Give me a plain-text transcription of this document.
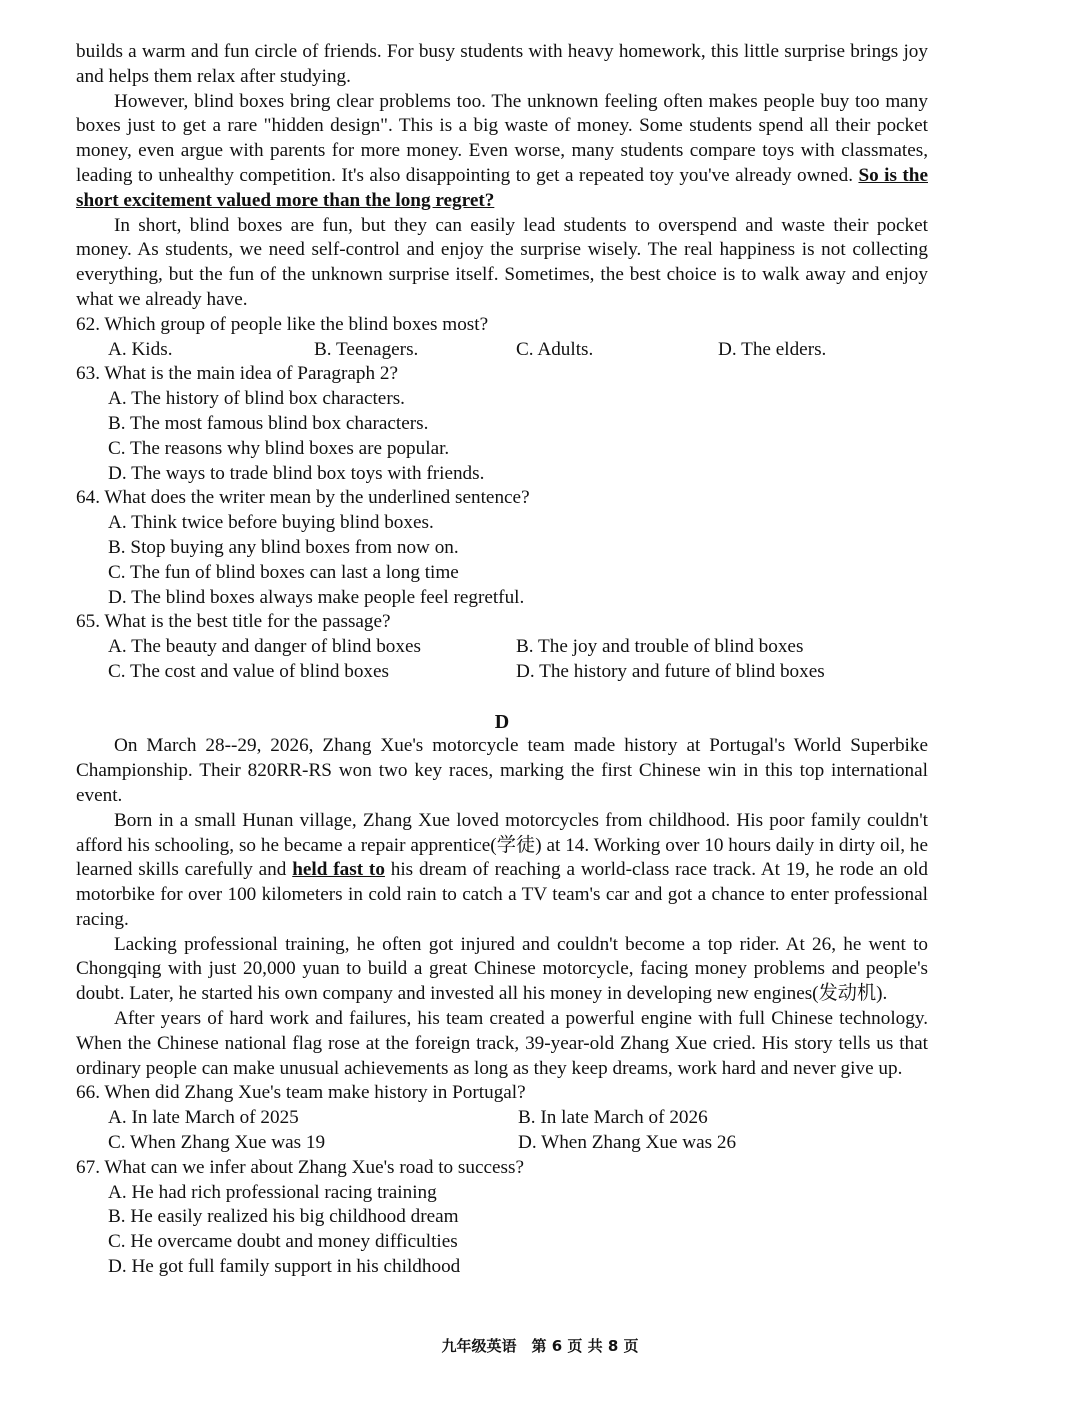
builds a warm and fun circle of friends. For busy students with heavy homework, this little surprise brings joy and helps them relax after studying.

However, blind boxes bring clear problems too. The unknown feeling often makes people buy too many boxes just to get a rare "hidden design". This is a big waste of money. Some students spend all their pocket money, even argue with parents for more money. Even worse, many students compare toys with classmates, leading to unhealthy competition. It's also disappointing to get a repeated toy you've already owned. So is the short excitement valued more than the long regret?

In short, blind boxes are fun, but they can easily lead students to overspend and waste their pocket money. As students, we need self-control and enjoy the surprise wisely. The real happiness is not collecting everything, but the fun of the unknown surprise itself. Sometimes, the best choice is to walk away and enjoy what we already have.

62. Which group of people like the blind boxes most?
A. Kids.	B. Teenagers.	C. Adults.	D. The elders.
63. What is the main idea of Paragraph 2?
A. The history of blind box characters.
B. The most famous blind box characters.
C. The reasons why blind boxes are popular.
D. The ways to trade blind box toys with friends.
64. What does the writer mean by the underlined sentence?
A. Think twice before buying blind boxes.
B. Stop buying any blind boxes from now on.
C. The fun of blind boxes can last a long time
D. The blind boxes always make people feel regretful.
65. What is the best title for the passage?
A. The beauty and danger of blind boxes	B. The joy and trouble of blind boxes
C. The cost and value of blind boxes	D. The history and future of blind boxes
D

On March 28--29, 2026, Zhang Xue's motorcycle team made history at Portugal's World Superbike Championship. Their 820RR-RS won two key races, marking the first Chinese win in this top international event.

Born in a small Hunan village, Zhang Xue loved motorcycles from childhood. His poor family couldn't afford his schooling, so he became a repair apprentice(学徒) at 14. Working over 10 hours daily in dirty oil, he learned skills carefully and held fast to his dream of reaching a world-class race track. At 19, he rode an old motorbike for over 100 kilometers in cold rain to catch a TV team's car and got a chance to enter professional racing.

Lacking professional training, he often got injured and couldn't become a top rider. At 26, he went to Chongqing with just 20,000 yuan to build a great Chinese motorcycle, facing money problems and people's doubt. Later, he started his own company and invested all his money in developing new engines(发动机).

After years of hard work and failures, his team created a powerful engine with full Chinese technology. When the Chinese national flag rose at the foreign track, 39-year-old Zhang Xue cried. His story tells us that ordinary people can make unusual achievements as long as they keep dreams, work hard and never give up.

66. When did Zhang Xue's team make history in Portugal?
A. In late March of 2025	B. In late March of 2026
C. When Zhang Xue was 19	D. When Zhang Xue was 26
67. What can we infer about Zhang Xue's road to success?
A. He had rich professional racing training
B. He easily realized his big childhood dream
C. He overcame doubt and money difficulties
D. He got full family support in his childhood
九年级英语　第 6 页 共 8 页
